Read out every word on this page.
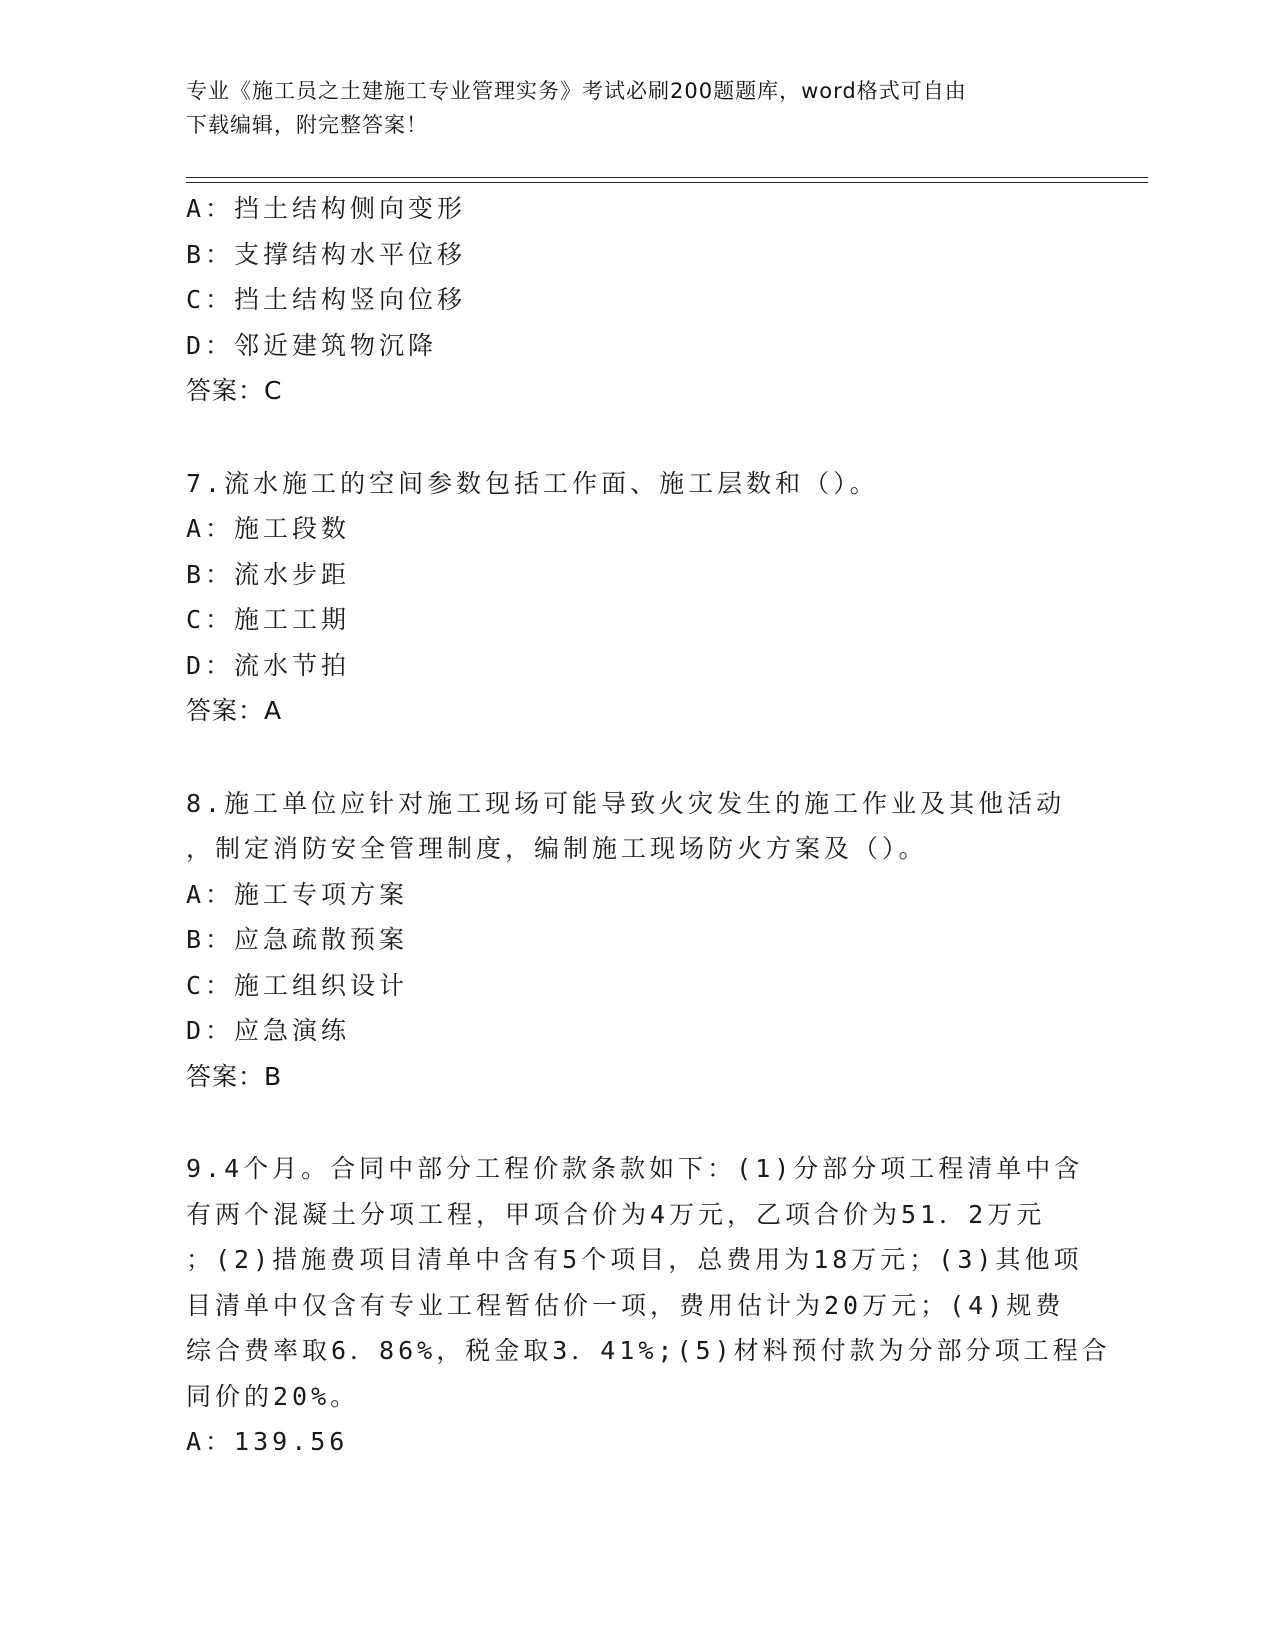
专业《施工员之土建施工专业管理实务》考试必刷200题题库，word格式可自由
下载编辑，附完整答案！
A：挡土结构侧向变形
B：支撑结构水平位移
C：挡土结构竖向位移
D：邻近建筑物沉降
答案：C
7.流水施工的空间参数包括工作面、施工层数和（）。
A：施工段数
B：流水步距
C：施工工期
D：流水节拍
答案：A
8.施工单位应针对施工现场可能导致火灾发生的施工作业及其他活动
，制定消防安全管理制度，编制施工现场防火方案及（）。
A：施工专项方案
B：应急疏散预案
C：施工组织设计
D：应急演练
答案：B
9.4个月。合同中部分工程价款条款如下：(1)分部分项工程清单中含
有两个混凝土分项工程，甲项合价为4万元，乙项合价为51．2万元
；(2)措施费项目清单中含有5个项目，总费用为18万元；(3)其他项
目清单中仅含有专业工程暂估价一项，费用估计为20万元；(4)规费
综合费率取6．86%，税金取3．41%;(5)材料预付款为分部分项工程合
同价的20%。
A：139.56
